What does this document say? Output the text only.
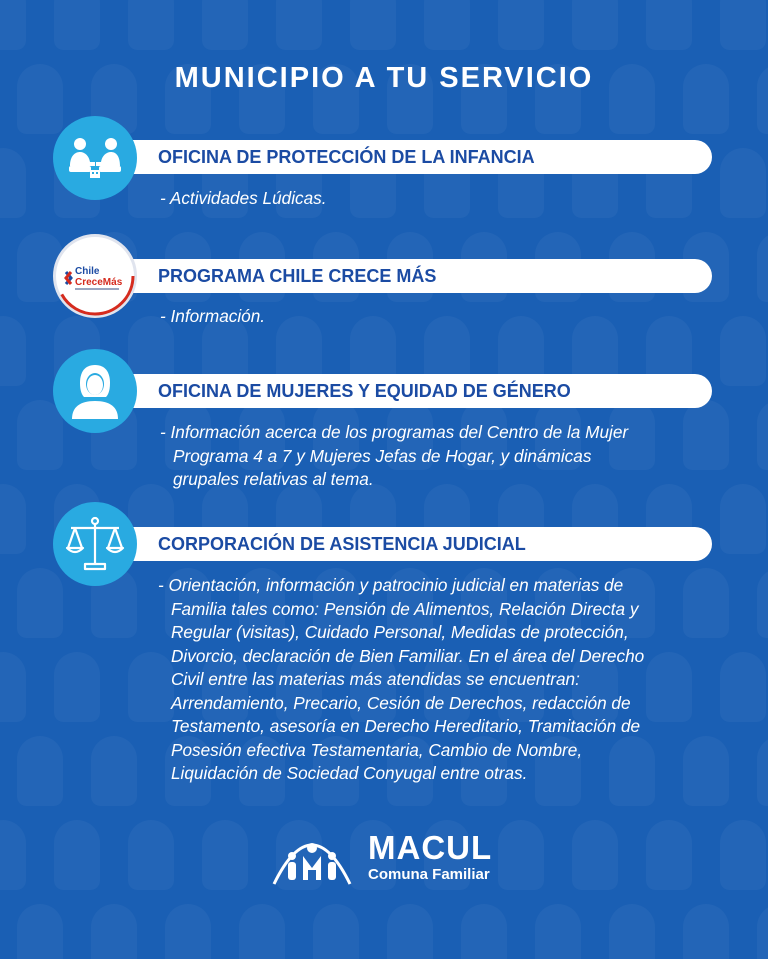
MUNICIPIO A TU SERVICIO
OFICINA DE PROTECCIÓN DE LA INFANCIA
- Actividades Lúdicas.
PROGRAMA CHILE CRECE MÁS
Chile
CreceMás
- Información.
OFICINA DE MUJERES Y EQUIDAD DE GÉNERO
- Información acerca de los programas del Centro de la Mujer
Programa 4 a 7 y Mujeres Jefas de Hogar, y dinámicas
grupales relativas al tema.
CORPORACIÓN DE ASISTENCIA JUDICIAL
- Orientación, información y patrocinio judicial en materias de
Familia tales como: Pensión de Alimentos, Relación Directa y
Regular (visitas), Cuidado Personal, Medidas de protección,
Divorcio, declaración de Bien Familiar. En el área del Derecho
Civil entre las materias más atendidas se encuentran:
Arrendamiento, Precario, Cesión de Derechos, redacción de
Testamento, asesoría en Derecho Hereditario, Tramitación de
Posesión efectiva Testamentaria, Cambio de Nombre,
Liquidación de Sociedad Conyugal entre otras.
MACUL
Comuna Familiar
